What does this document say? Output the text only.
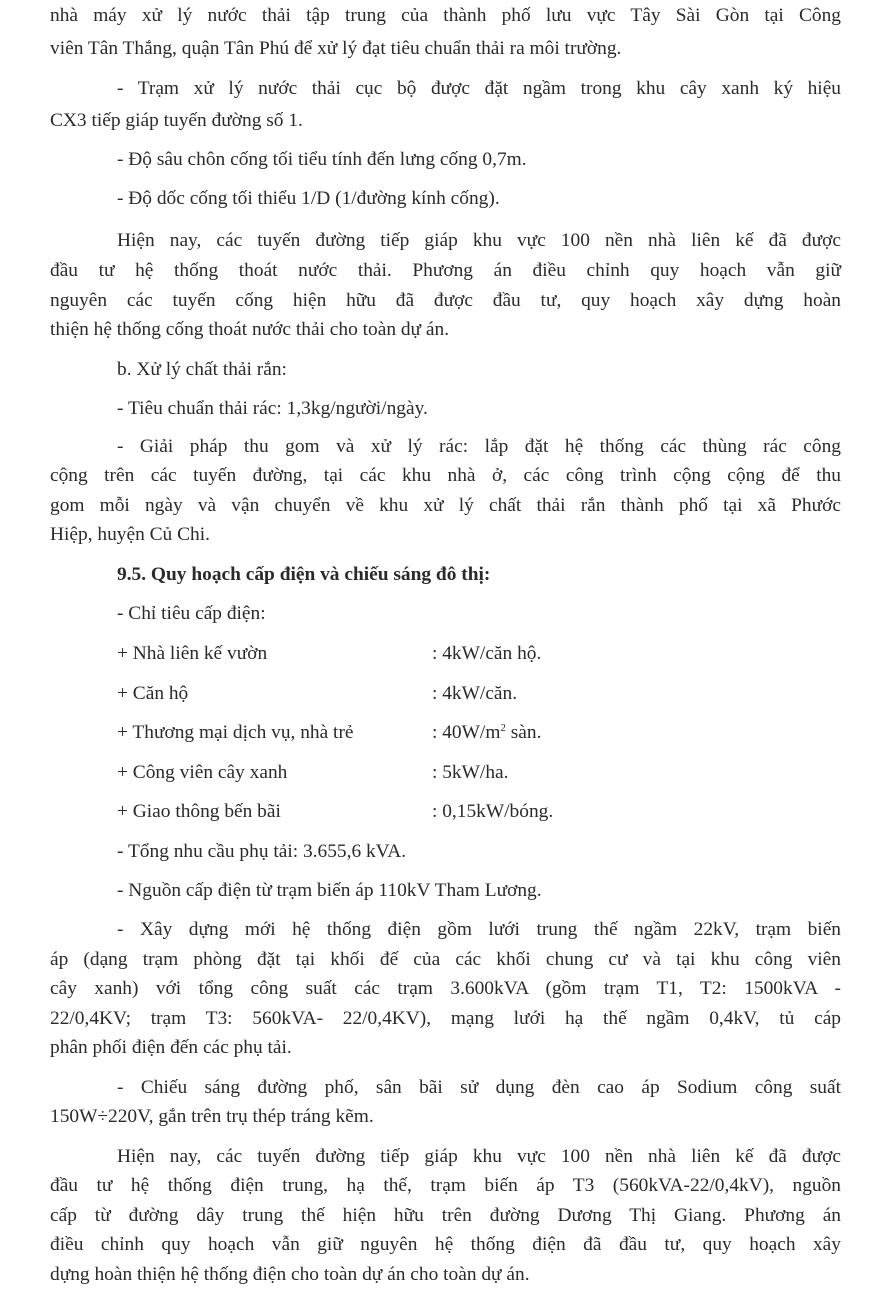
nhà máy xử lý nước thải tập trung của thành phố lưu vực Tây Sài Gòn tại Công
viên Tân Thắng, quận Tân Phú để xử lý đạt tiêu chuẩn thải ra môi trường.
- Trạm xử lý nước thải cục bộ được đặt ngầm trong khu cây xanh ký hiệu
CX3 tiếp giáp tuyến đường số 1.
- Độ sâu chôn cống tối tiểu tính đến lưng cống 0,7m.
- Độ dốc cống tối thiểu 1/D (1/đường kính cống).
Hiện nay, các tuyến đường tiếp giáp khu vực 100 nền nhà liên kế đã được
đầu tư hệ thống thoát nước thải. Phương án điều chỉnh quy hoạch vẫn giữ
nguyên các tuyến cống hiện hữu đã được đầu tư, quy hoạch xây dựng hoàn
thiện hệ thống cống thoát nước thải cho toàn dự án.
b. Xử lý chất thải rắn:
- Tiêu chuẩn thải rác: 1,3kg/người/ngày.
- Giải pháp thu gom và xử lý rác: lắp đặt hệ thống các thùng rác công
cộng trên các tuyến đường, tại các khu nhà ở, các công trình cộng cộng để thu
gom mỗi ngày và vận chuyển về khu xử lý chất thải rắn thành phố tại xã Phước
Hiệp, huyện Củ Chi.
9.5. Quy hoạch cấp điện và chiếu sáng đô thị:
- Chỉ tiêu cấp điện:
+ Nhà liên kế vườn	: 4kW/căn hộ.
+ Căn hộ	: 4kW/căn.
+ Thương mại dịch vụ, nhà trẻ	: $40W/m^2$ sàn.
+ Công viên cây xanh	: 5kW/ha.
+ Giao thông bến bãi	: 0,15kW/bóng.
- Tổng nhu cầu phụ tải: 3.655,6 kVA.
- Nguồn cấp điện từ trạm biến áp 110kV Tham Lương.
- Xây dựng mới hệ thống điện gồm lưới trung thế ngầm 22kV, trạm biến
áp (dạng trạm phòng đặt tại khối đế của các khối chung cư và tại khu công viên
cây xanh) với tổng công suất các trạm 3.600kVA (gồm trạm T1, T2: 1500kVA -
22/0,4KV; trạm T3: 560kVA- 22/0,4KV), mạng lưới hạ thế ngầm 0,4kV, tủ cáp
phân phối điện đến các phụ tải.
- Chiếu sáng đường phố, sân bãi sử dụng đèn cao áp Sodium công suất
150W÷220V, gắn trên trụ thép tráng kẽm.
Hiện nay, các tuyến đường tiếp giáp khu vực 100 nền nhà liên kế đã được
đầu tư hệ thống điện trung, hạ thế, trạm biến áp T3 (560kVA-22/0,4kV), nguồn
cấp từ đường dây trung thế hiện hữu trên đường Dương Thị Giang. Phương án
điều chỉnh quy hoạch vẫn giữ nguyên hệ thống điện đã đầu tư, quy hoạch xây
dựng hoàn thiện hệ thống điện cho toàn dự án cho toàn dự án.
